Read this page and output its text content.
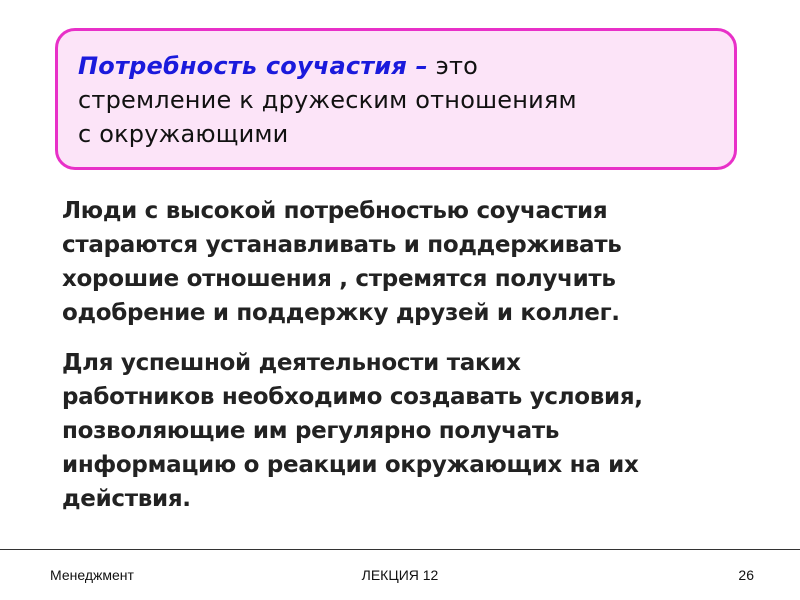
Потребность соучастия – это
стремление к дружеским отношениям
с окружающими

Люди с высокой потребностью соучастия
стараются устанавливать и поддерживать
хорошие отношения , стремятся получить
одобрение и поддержку друзей и коллег.

Для успешной деятельности таких
работников необходимо создавать условия,
позволяющие им регулярно получать
информацию о реакции окружающих на их
действия.

Менеджмент	ЛЕКЦИЯ 12	26
